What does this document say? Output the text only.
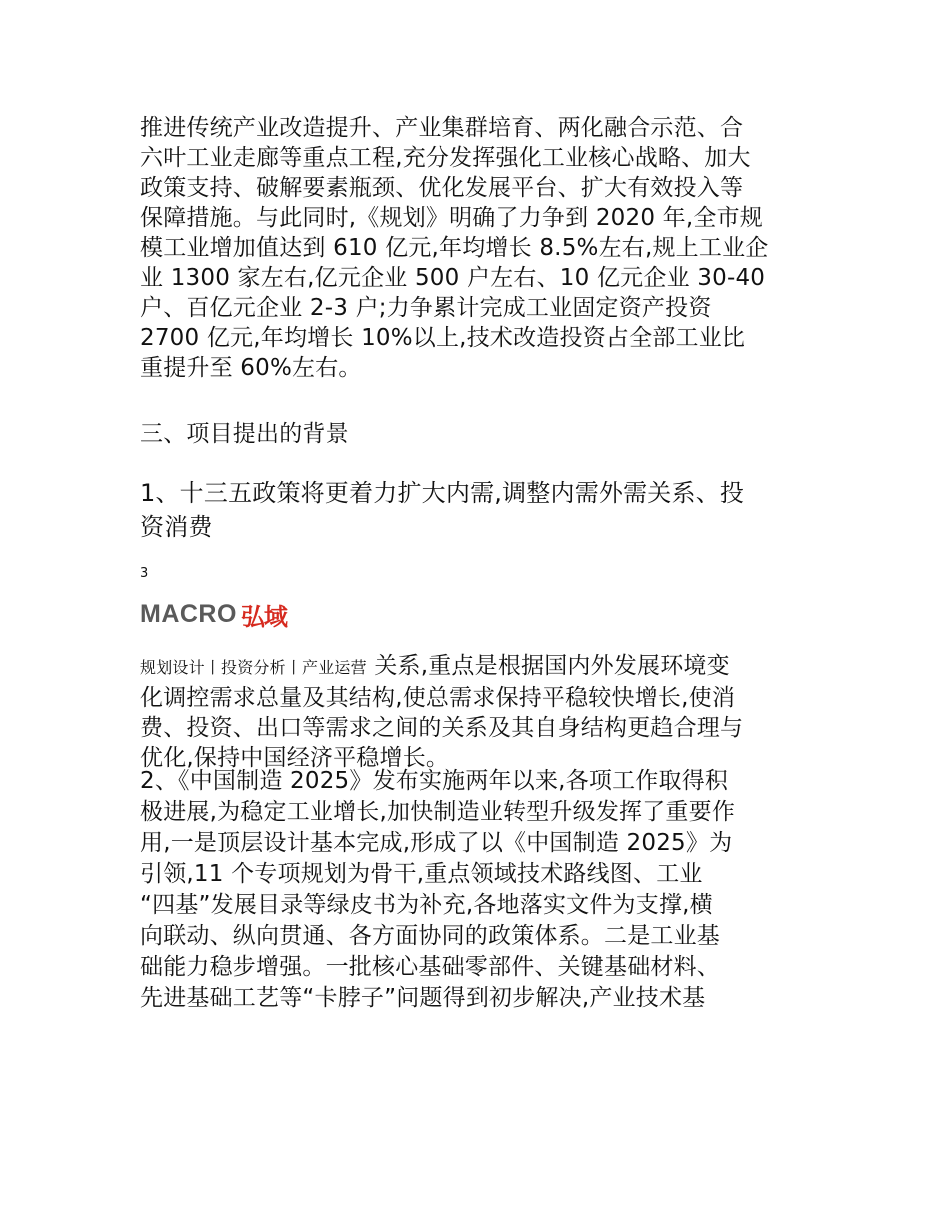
推进传统产业改造提升、产业集群培育、两化融合示范、合
六叶工业走廊等重点工程,充分发挥强化工业核心战略、加大
政策支持、破解要素瓶颈、优化发展平台、扩大有效投入等
保障措施。与此同时,《规划》明确了力争到 2020 年,全市规
模工业增加值达到 610 亿元,年均增长 8.5%左右,规上工业企
业 1300 家左右,亿元企业 500 户左右、10 亿元企业 30-40
户、百亿元企业 2-3 户;力争累计完成工业固定资产投资
2700 亿元,年均增长 10%以上,技术改造投资占全部工业比
重提升至 60%左右。

三、项目提出的背景

1、十三五政策将更着力扩大内需,调整内需外需关系、投
资消费

3
MACRO 弘域

规划设计丨投资分析丨产业运营 关系,重点是根据国内外发展环境变
化调控需求总量及其结构,使总需求保持平稳较快增长,使消
费、投资、出口等需求之间的关系及其自身结构更趋合理与
优化,保持中国经济平稳增长。

2、《中国制造 2025》发布实施两年以来,各项工作取得积
极进展,为稳定工业增长,加快制造业转型升级发挥了重要作
用,一是顶层设计基本完成,形成了以《中国制造 2025》为
引领,11 个专项规划为骨干,重点领域技术路线图、工业
“四基”发展目录等绿皮书为补充,各地落实文件为支撑,横
向联动、纵向贯通、各方面协同的政策体系。二是工业基
础能力稳步增强。一批核心基础零部件、关键基础材料、
先进基础工艺等“卡脖子”问题得到初步解决,产业技术基
